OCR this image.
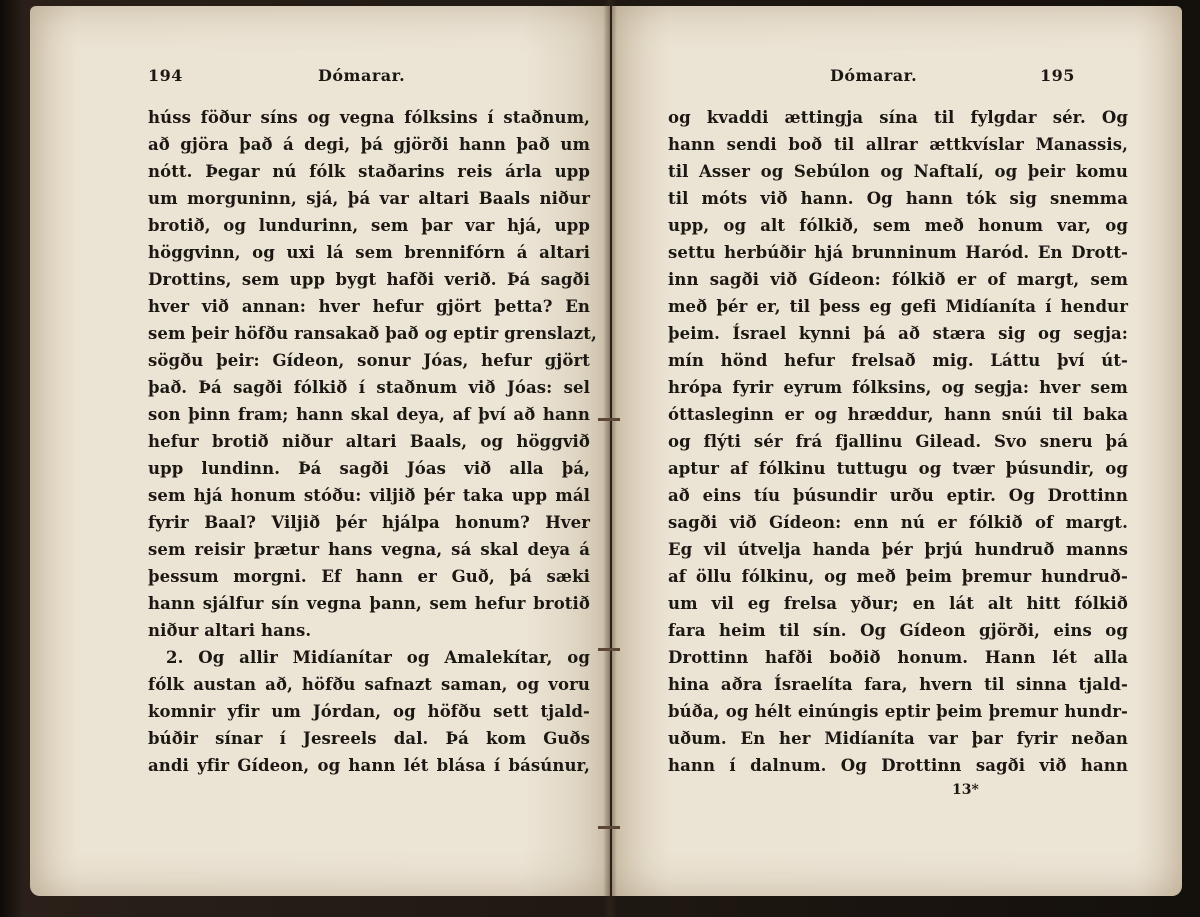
194	Dómarar.
húss föður síns og vegna fólksins í staðnum,
að gjöra það á degi, þá gjörði hann það um
nótt. Þegar nú fólk staðarins reis árla upp
um morguninn, sjá, þá var altari Baals niður
brotið, og lundurinn, sem þar var hjá, upp
höggvinn, og uxi lá sem brennifórn á altari
Drottins, sem upp bygt hafði verið. Þá sagði
hver við annan: hver hefur gjört þetta? En
sem þeir höfðu ransakað það og eptir grenslazt,
sögðu þeir: Gídeon, sonur Jóas, hefur gjört
það. Þá sagði fólkið í staðnum við Jóas: sel
son þinn fram; hann skal deya, af því að hann
hefur brotið niður altari Baals, og höggvið
upp lundinn. Þá sagði Jóas við alla þá,
sem hjá honum stóðu: viljið þér taka upp mál
fyrir Baal? Viljið þér hjálpa honum? Hver
sem reisir þrætur hans vegna, sá skal deya á
þessum morgni. Ef hann er Guð, þá sæki
hann sjálfur sín vegna þann, sem hefur brotið
niður altari hans.
2. Og allir Midíanítar og Amalekítar, og
fólk austan að, höfðu safnazt saman, og voru
komnir yfir um Jórdan, og höfðu sett tjald-
búðir sínar í Jesreels dal. Þá kom Guðs
andi yfir Gídeon, og hann lét blása í básúnur,
Dómarar.	195
og kvaddi ættingja sína til fylgdar sér. Og
hann sendi boð til allrar ættkvíslar Manassis,
til Asser og Sebúlon og Naftalí, og þeir komu
til móts við hann. Og hann tók sig snemma
upp, og alt fólkið, sem með honum var, og
settu herbúðir hjá brunninum Haród. En Drott-
inn sagði við Gídeon: fólkið er of margt, sem
með þér er, til þess eg gefi Midíaníta í hendur
þeim. Ísrael kynni þá að stæra sig og segja:
mín hönd hefur frelsað mig. Láttu því út-
hrópa fyrir eyrum fólksins, og segja: hver sem
óttasleginn er og hræddur, hann snúi til baka
og flýti sér frá fjallinu Gilead. Svo sneru þá
aptur af fólkinu tuttugu og tvær þúsundir, og
að eins tíu þúsundir urðu eptir. Og Drottinn
sagði við Gídeon: enn nú er fólkið of margt.
Eg vil útvelja handa þér þrjú hundruð manns
af öllu fólkinu, og með þeim þremur hundruð-
um vil eg frelsa yður; en lát alt hitt fólkið
fara heim til sín. Og Gídeon gjörði, eins og
Drottinn hafði boðið honum. Hann lét alla
hina aðra Ísraelíta fara, hvern til sinna tjald-
búða, og hélt einúngis eptir þeim þremur hundr-
uðum. En her Midíaníta var þar fyrir neðan
hann í dalnum. Og Drottinn sagði við hann
13*
